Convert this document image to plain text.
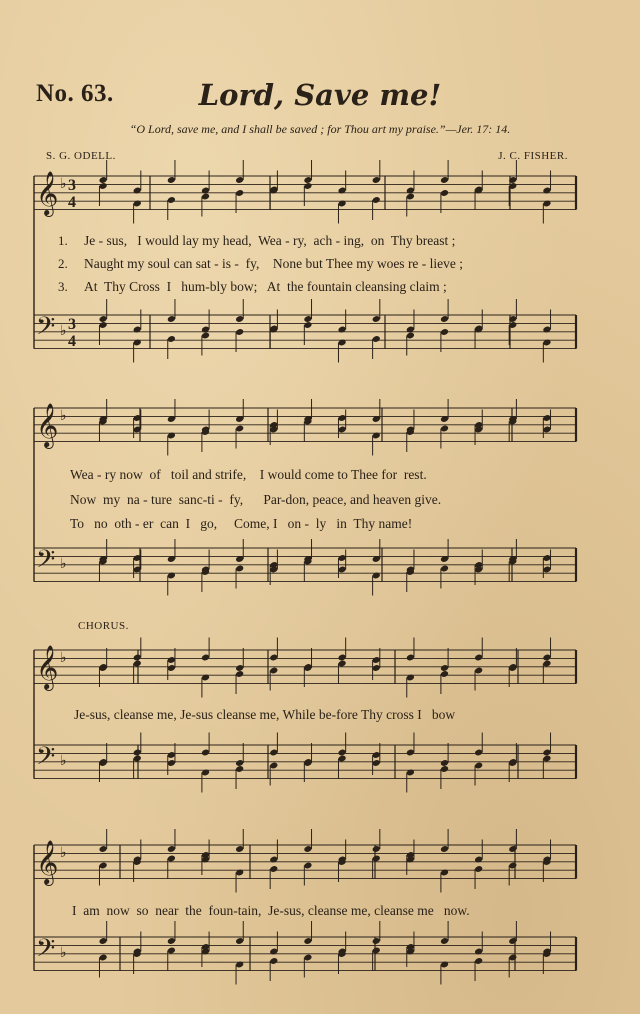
𝄞 ♭
𝄢 ♭
𝄞 ♭
𝄢 ♭
𝄞 ♭
𝄢 ♭
𝄞 ♭
𝄢 ♭
3
4
3
4
No. 63.	Lord, Save me!
“O Lord, save me, and I shall be saved ; for Thou art my praise.”—Jer. 17: 14.
S. G. ODELL.	J. C. FISHER.
1.
2.
3.
Je - sus,   I would lay my head,  Wea - ry,  ach - ing,  on  Thy breast ;
Naught my soul can sat - is -  fy,    None but Thee my woes re - lieve ;
At  Thy Cross  I   hum-bly bow;   At  the fountain cleansing claim ;
Wea - ry now  of   toil and strife,    I would come to Thee for  rest.
Now  my  na - ture  sanc-ti -  fy,      Par-don, peace, and heaven give.
To   no  oth - er  can  I   go,     Come, I   on -  ly   in  Thy name!
CHORUS.
Je-sus, cleanse me, Je-sus cleanse me, While be-fore Thy cross I   bow
I  am  now  so  near  the  foun-tain,  Je-sus, cleanse me, cleanse me   now.
